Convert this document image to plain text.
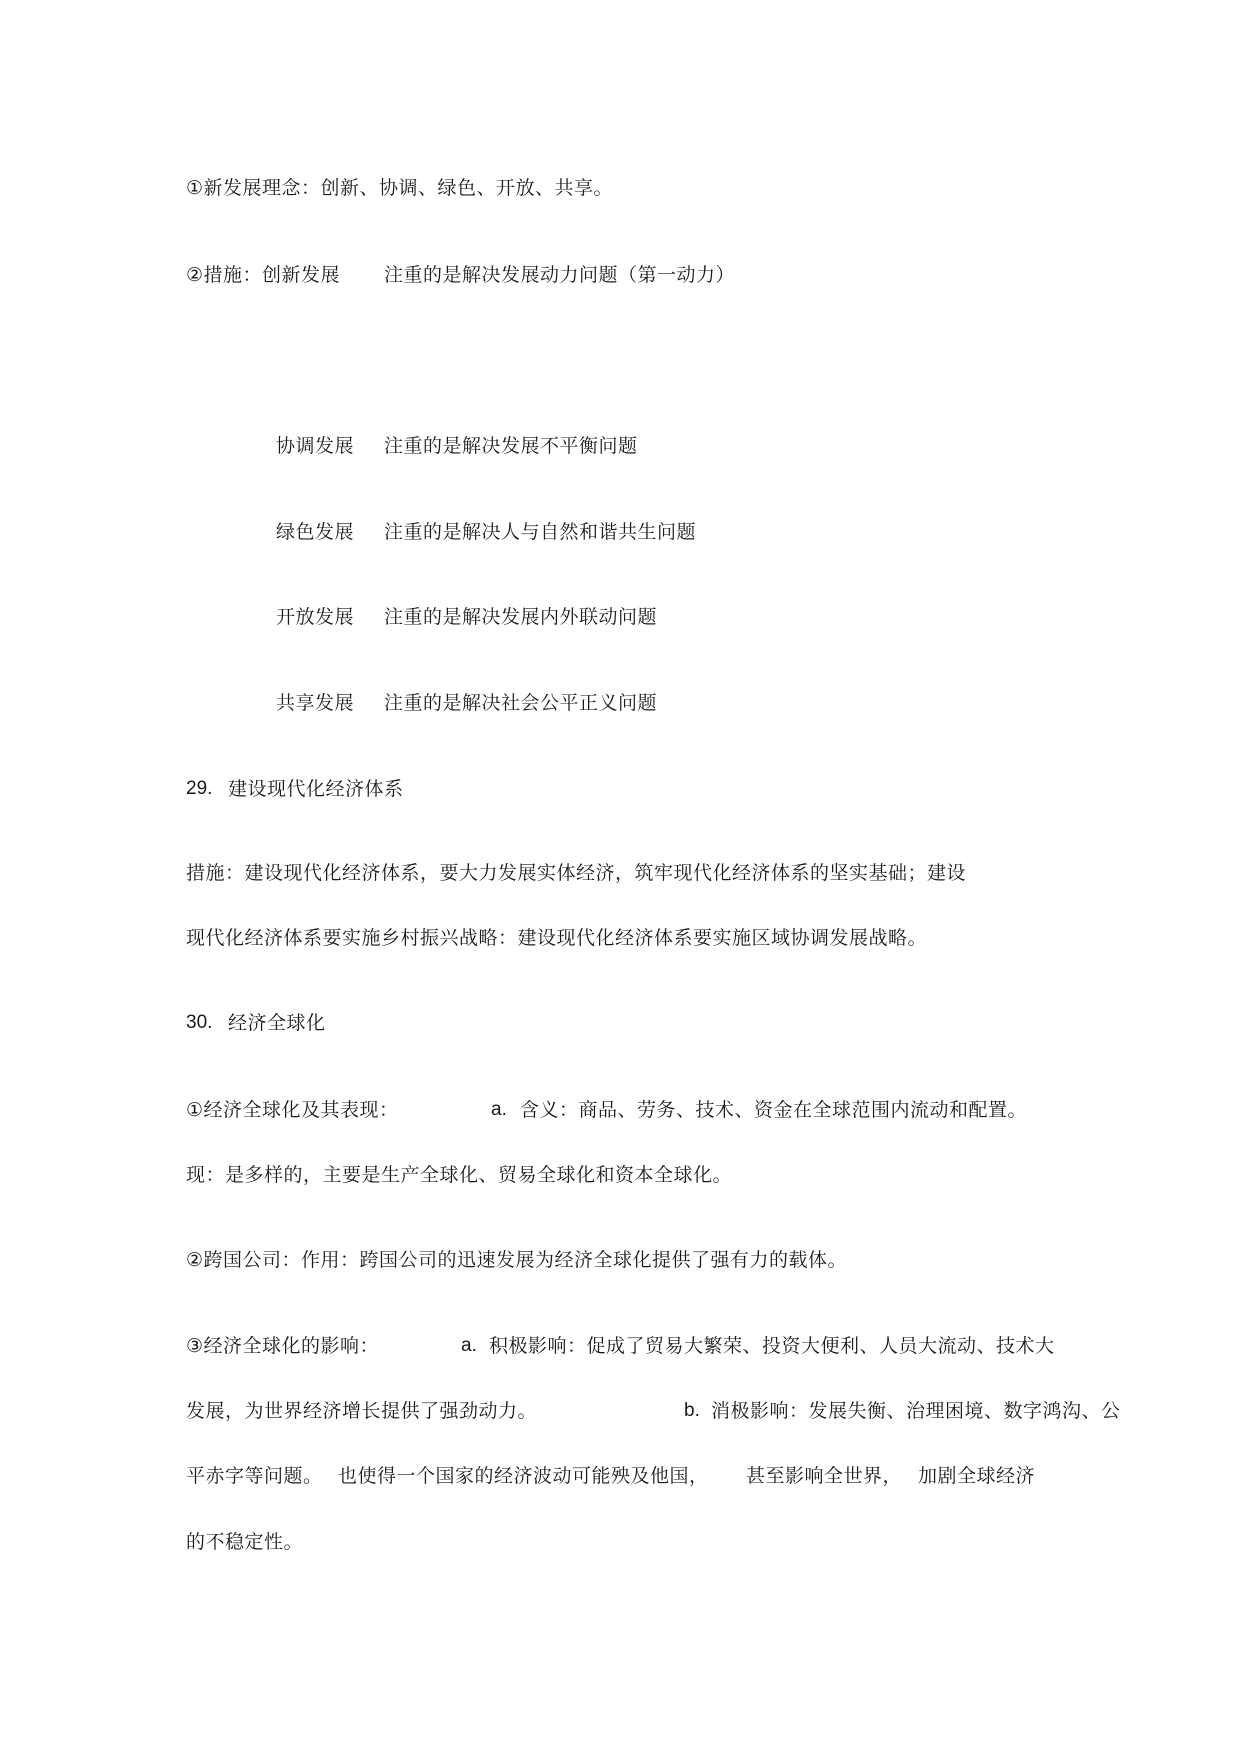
①新发展理念：创新、协调、绿色、开放、共享。
②措施：创新发展 注重的是解决发展动力问题（第一动力）
协调发展 注重的是解决发展不平衡问题
绿色发展 注重的是解决人与自然和谐共生问题
开放发展 注重的是解决发展内外联动问题
共享发展 注重的是解决社会公平正义问题
29. 建设现代化经济体系
措施：建设现代化经济体系，要大力发展实体经济，筑牢现代化经济体系的坚实基础；建设
现代化经济体系要实施乡村振兴战略：建设现代化经济体系要实施区域协调发展战略。
30. 经济全球化
①经济全球化及其表现：	a. 含义：商品、劳务、技术、资金在全球范围内流动和配置。
现：是多样的，主要是生产全球化、贸易全球化和资本全球化。
②跨国公司：作用：跨国公司的迅速发展为经济全球化提供了强有力的载体。
③经济全球化的影响：	a. 积极影响：促成了贸易大繁荣、投资大便利、人员大流动、技术大
发展，为世界经济增长提供了强劲动力。	b. 消极影响：发展失衡、治理困境、数字鸿沟、公
平赤字等问题。 也使得一个国家的经济波动可能殃及他国， 甚至影响全世界， 加剧全球经济
的不稳定性。
